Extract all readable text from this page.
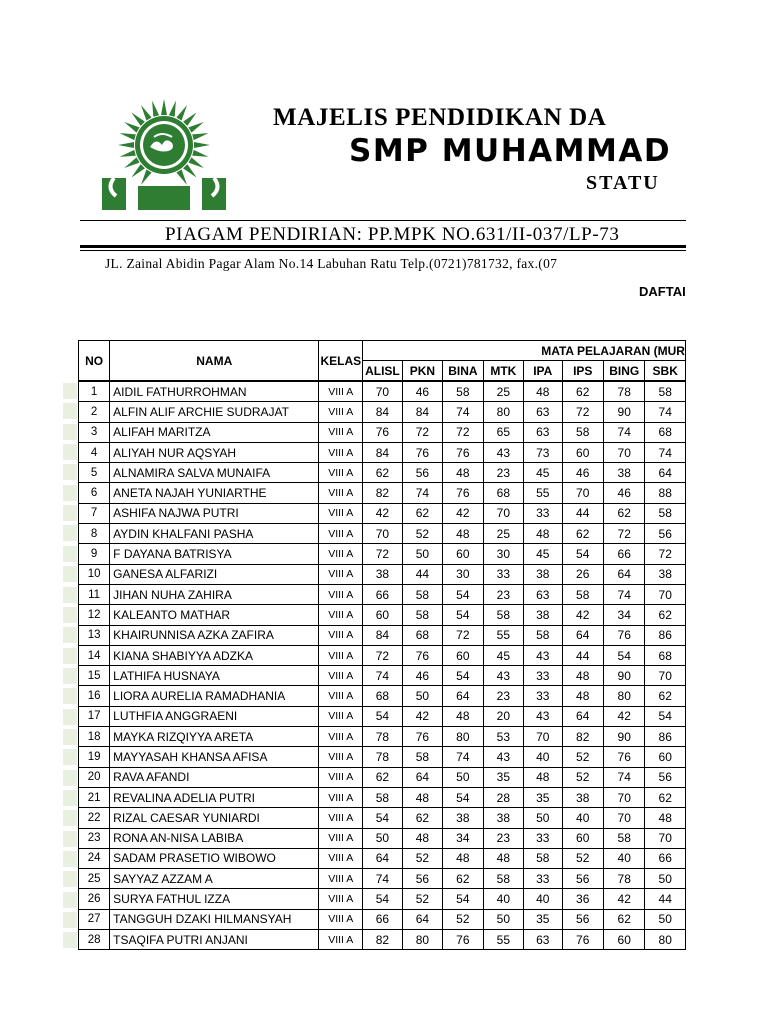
MAJELIS PENDIDIKAN DA
SMP MUHAMMAD
STATU
PIAGAM PENDIRIAN: PP.MPK NO.631/II-037/LP-73
JL. Zainal Abidin Pagar Alam No.14 Labuhan Ratu Telp.(0721)781732, fax.(07
DAFTAI
NO	NAMA	KELAS	MATA PELAJARAN (MUR							
			ALISL	PKN	BINA	MTK	IPA	IPS	BING	SBK
1	AIDIL FATHURROHMAN	VIII A	70	46	58	25	48	62	78	58
2	ALFIN ALIF ARCHIE SUDRAJAT	VIII A	84	84	74	80	63	72	90	74
3	ALIFAH MARITZA	VIII A	76	72	72	65	63	58	74	68
4	ALIYAH NUR AQSYAH	VIII A	84	76	76	43	73	60	70	74
5	ALNAMIRA SALVA MUNAIFA	VIII A	62	56	48	23	45	46	38	64
6	ANETA NAJAH YUNIARTHE	VIII A	82	74	76	68	55	70	46	88
7	ASHIFA NAJWA PUTRI	VIII A	42	62	42	70	33	44	62	58
8	AYDIN KHALFANI PASHA	VIII A	70	52	48	25	48	62	72	56
9	F DAYANA BATRISYA	VIII A	72	50	60	30	45	54	66	72
10	GANESA ALFARIZI	VIII A	38	44	30	33	38	26	64	38
11	JIHAN NUHA ZAHIRA	VIII A	66	58	54	23	63	58	74	70
12	KALEANTO MATHAR	VIII A	60	58	54	58	38	42	34	62
13	KHAIRUNNISA AZKA ZAFIRA	VIII A	84	68	72	55	58	64	76	86
14	KIANA SHABIYYA ADZKA	VIII A	72	76	60	45	43	44	54	68
15	LATHIFA HUSNAYA	VIII A	74	46	54	43	33	48	90	70
16	LIORA AURELIA RAMADHANIA	VIII A	68	50	64	23	33	48	80	62
17	LUTHFIA ANGGRAENI	VIII A	54	42	48	20	43	64	42	54
18	MAYKA RIZQIYYA ARETA	VIII A	78	76	80	53	70	82	90	86
19	MAYYASAH KHANSA AFISA	VIII A	78	58	74	43	40	52	76	60
20	RAVA AFANDI	VIII A	62	64	50	35	48	52	74	56
21	REVALINA ADELIA PUTRI	VIII A	58	48	54	28	35	38	70	62
22	RIZAL CAESAR YUNIARDI	VIII A	54	62	38	38	50	40	70	48
23	RONA AN-NISA LABIBA	VIII A	50	48	34	23	33	60	58	70
24	SADAM PRASETIO WIBOWO	VIII A	64	52	48	48	58	52	40	66
25	SAYYAZ AZZAM A	VIII A	74	56	62	58	33	56	78	50
26	SURYA FATHUL IZZA	VIII A	54	52	54	40	40	36	42	44
27	TANGGUH DZAKI HILMANSYAH	VIII A	66	64	52	50	35	56	62	50
28	TSAQIFA PUTRI ANJANI	VIII A	82	80	76	55	63	76	60	80
